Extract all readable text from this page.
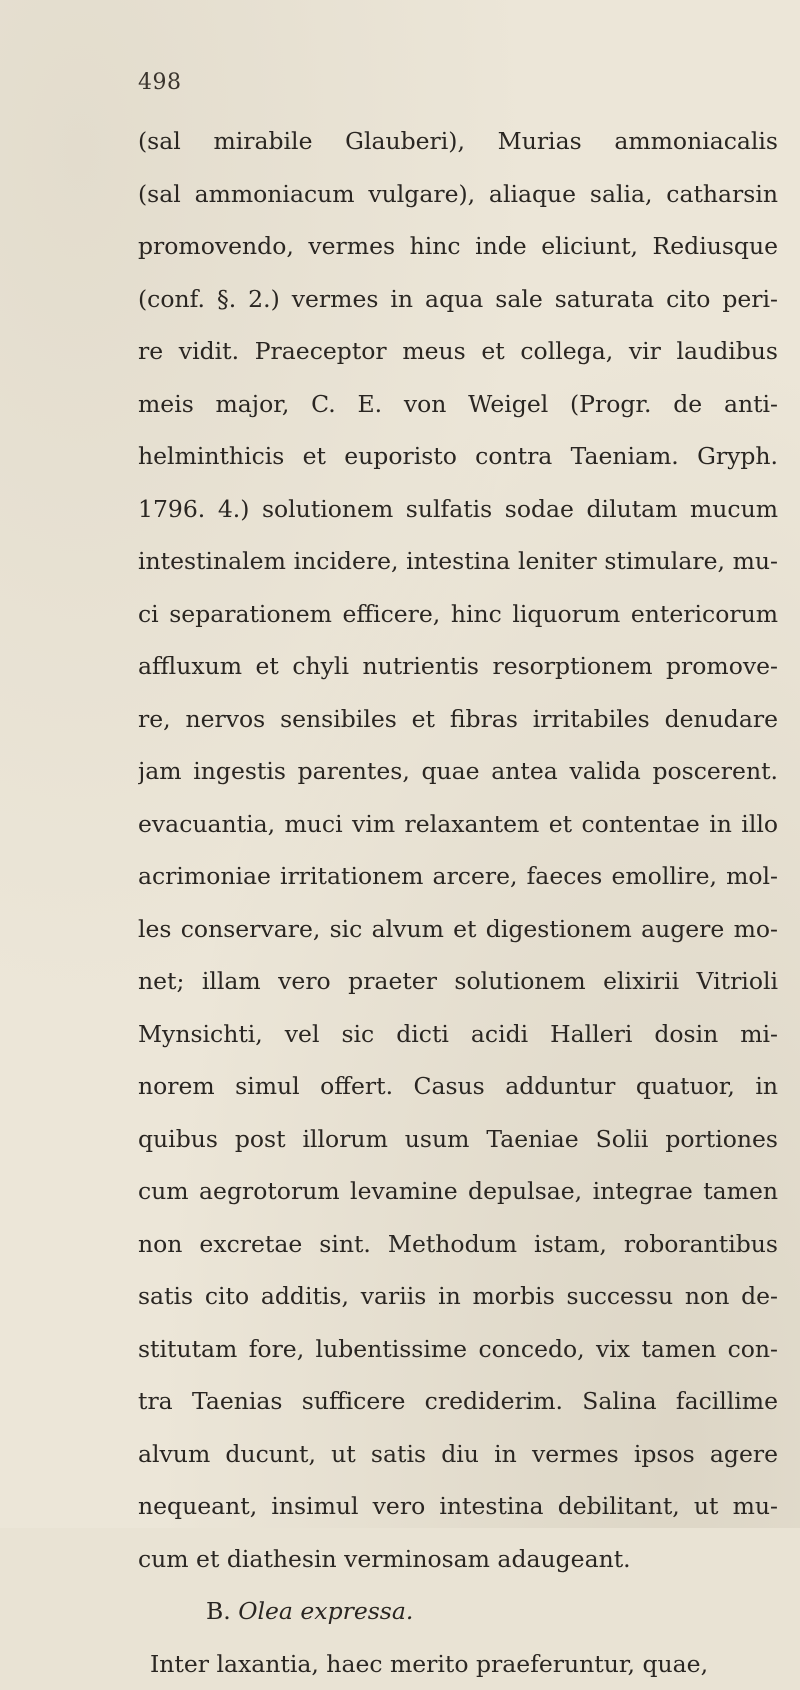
498
(sal mirabile Glauberi), Murias ammoniacalis
(sal ammoniacum vulgare), aliaque salia, catharsin
promovendo, vermes hinc inde eliciunt, Rediusque
(conf. §. 2.) vermes in aqua sale saturata cito peri-
re vidit. Praeceptor meus et collega, vir laudibus
meis major, C. E. von Weigel (Progr. de anti-
helminthicis et euporisto contra Taeniam. Gryph.
1796. 4.) solutionem sulfatis sodae dilutam mucum
intestinalem incidere, intestina leniter stimulare, mu-
ci separationem efficere, hinc liquorum entericorum
affluxum et chyli nutrientis resorptionem promove-
re, nervos sensibiles et fibras irritabiles denudare
jam ingestis parentes, quae antea valida poscerent.
evacuantia, muci vim relaxantem et contentae in illo
acrimoniae irritationem arcere, faeces emollire, mol-
les conservare, sic alvum et digestionem augere mo-
net; illam vero praeter solutionem elixirii Vitrioli
Mynsichti, vel sic dicti acidi Halleri dosin mi-
norem simul offert. Casus adduntur quatuor, in
quibus post illorum usum Taeniae Solii portiones
cum aegrotorum levamine depulsae, integrae tamen
non excretae sint. Methodum istam, roborantibus
satis cito additis, variis in morbis successu non de-
stitutam fore, lubentissime concedo, vix tamen con-
tra Taenias sufficere crediderim. Salina facillime
alvum ducunt, ut satis diu in vermes ipsos agere
nequeant, insimul vero intestina debilitant, ut mu-
cum et diathesin verminosam adaugeant.
B. Olea expressa.
Inter laxantia, haec merito praeferuntur, quae,
